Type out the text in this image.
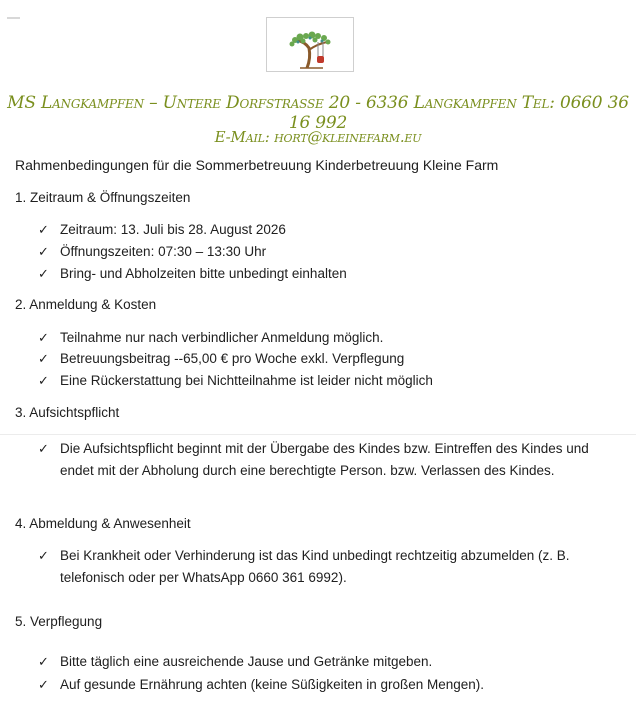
MS Langkampfen – Untere Dorfstrasse 20 - 6336 Langkampfen Tel: 0660 36 16 992
E-Mail: hort@kleinefarm.eu
Rahmenbedingungen für die Sommerbetreuung Kinderbetreuung Kleine Farm
1. Zeitraum & Öffnungszeiten
✓ Zeitraum: 13. Juli bis 28. August 2026
✓ Öffnungszeiten: 07:30 – 13:30 Uhr
✓ Bring- und Abholzeiten bitte unbedingt einhalten
2. Anmeldung & Kosten
✓ Teilnahme nur nach verbindlicher Anmeldung möglich.
✓ Betreuungsbeitrag --65,00 € pro Woche exkl. Verpflegung
✓ Eine Rückerstattung bei Nichtteilnahme ist leider nicht möglich
3. Aufsichtspflicht
✓ Die Aufsichtspflicht beginnt mit der Übergabe des Kindes bzw. Eintreffen des Kindes und endet mit der Abholung durch eine berechtigte Person. bzw. Verlassen des Kindes.
4. Abmeldung & Anwesenheit
✓ Bei Krankheit oder Verhinderung ist das Kind unbedingt rechtzeitig abzumelden (z. B. telefonisch oder per WhatsApp 0660 361 6992).
5. Verpflegung
✓ Bitte täglich eine ausreichende Jause und Getränke mitgeben.
✓ Auf gesunde Ernährung achten (keine Süßigkeiten in großen Mengen).
